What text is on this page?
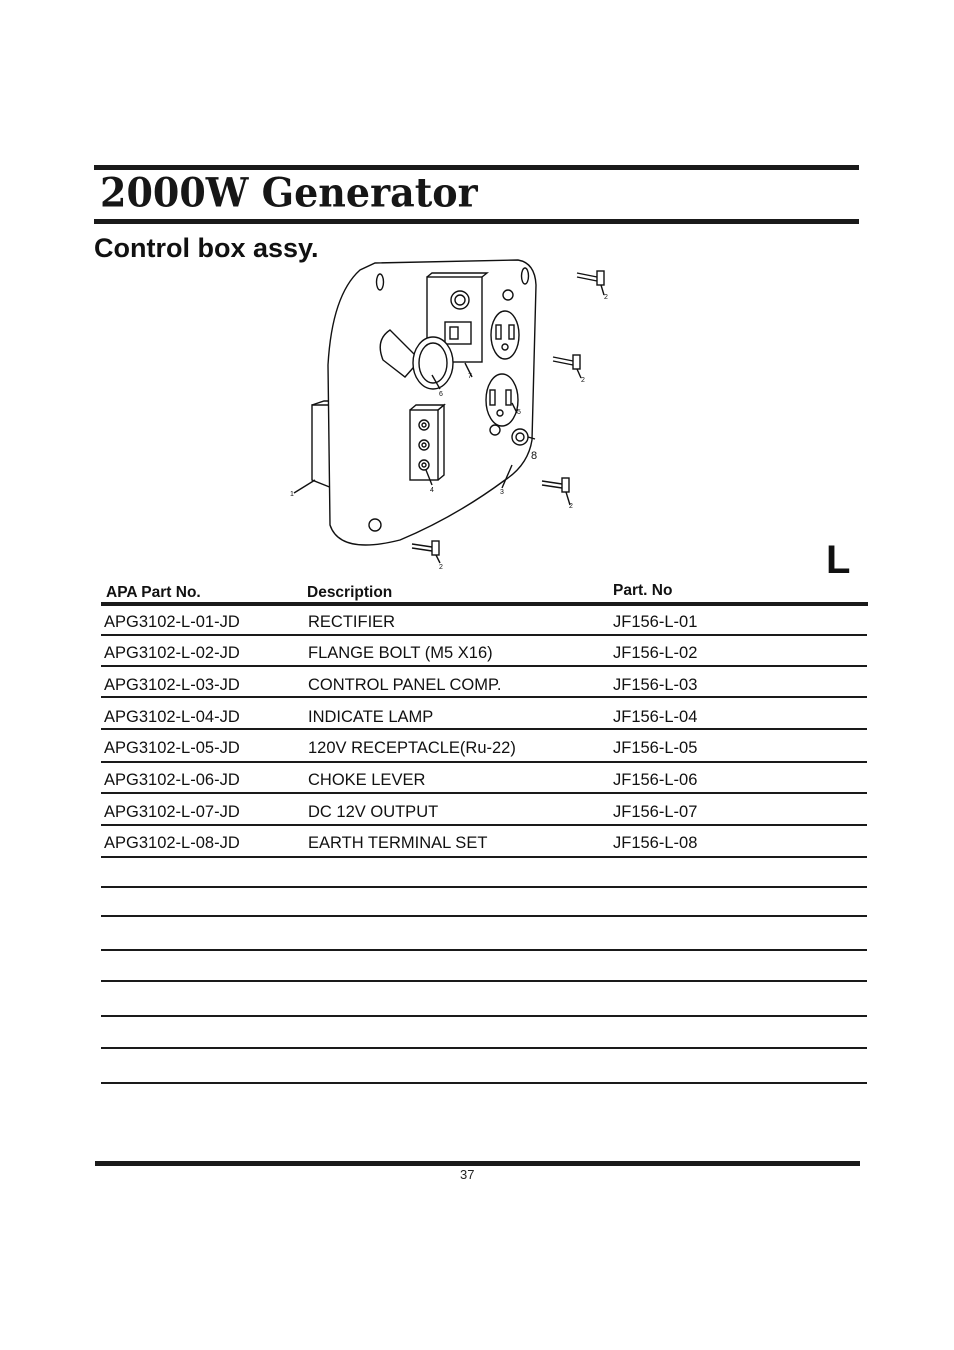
2000W Generator
Control box assy.
L
1
2
2
2
2
3
4
5
6
7
8
APA Part No.	Description	Part. No
APG3102-L-01-JD	RECTIFIER	JF156-L-01
APG3102-L-02-JD	FLANGE BOLT (M5 X16)	JF156-L-02
APG3102-L-03-JD	CONTROL PANEL COMP.	JF156-L-03
APG3102-L-04-JD	INDICATE LAMP	JF156-L-04
APG3102-L-05-JD	120V RECEPTACLE(Ru-22)	JF156-L-05
APG3102-L-06-JD	CHOKE LEVER	JF156-L-06
APG3102-L-07-JD	DC 12V OUTPUT	JF156-L-07
APG3102-L-08-JD	EARTH TERMINAL SET	JF156-L-08
37
